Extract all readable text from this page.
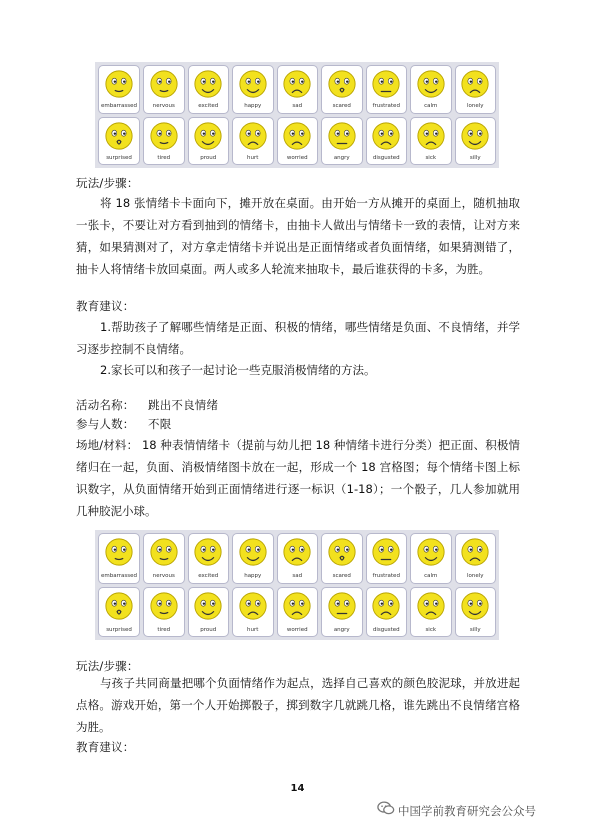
embarrassed	nervous	excited	happy	sad	scared	frustrated	calm	lonely
surprised	tired	proud	hurt	worried	angry	disgusted	sick	silly
玩法/步骤：
将 18 张情绪卡卡面向下，摊开放在桌面。由开始一方从摊开的桌面上，随机抽取一张卡，不要让对方看到抽到的情绪卡，由抽卡人做出与情绪卡一致的表情，让对方来猜，如果猜测对了，对方拿走情绪卡并说出是正面情绪或者负面情绪，如果猜测错了，抽卡人将情绪卡放回桌面。两人或多人轮流来抽取卡，最后谁获得的卡多，为胜。
教育建议：
1.帮助孩子了解哪些情绪是正面、积极的情绪，哪些情绪是负面、不良情绪，并学习逐步控制不良情绪。
2.家长可以和孩子一起讨论一些克服消极情绪的方法。
活动名称：	跳出不良情绪
参与人数：	不限
场地/材料： 18 种表情情绪卡（提前与幼儿把 18 种情绪卡进行分类）把正面、积极情绪归在一起，负面、消极情绪图卡放在一起，形成一个 18 宫格图；每个情绪卡图上标识数字，从负面情绪开始到正面情绪进行逐一标识（1-18）；一个骰子，几人参加就用几种胶泥小球。
embarrassed	nervous	excited	happy	sad	scared	frustrated	calm	lonely
surprised	tired	proud	hurt	worried	angry	disgusted	sick	silly
玩法/步骤：
与孩子共同商量把哪个负面情绪作为起点，选择自己喜欢的颜色胶泥球，并放进起点格。游戏开始，第一个人开始掷骰子，掷到数字几就跳几格，谁先跳出不良情绪宫格为胜。
教育建议：
14
中国学前教育研究会公众号
